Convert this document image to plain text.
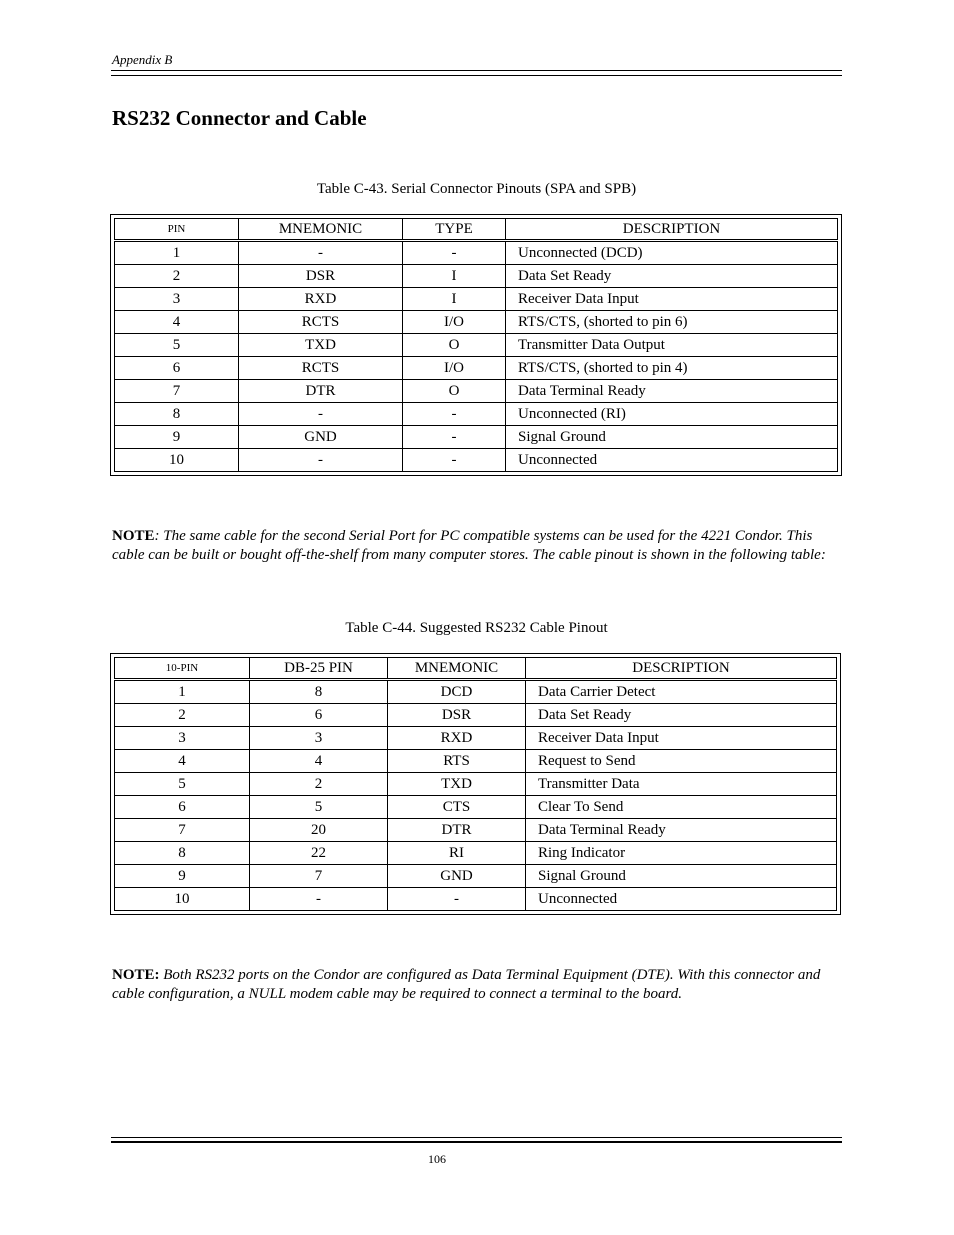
Appendix B
RS232 Connector and Cable
Table C-43. Serial Connector Pinouts (SPA and SPB)
PIN	MNEMONIC	TYPE	DESCRIPTION
1	-	-	Unconnected (DCD)
2	DSR	I	Data Set Ready
3	RXD	I	Receiver Data Input
4	RCTS	I/O	RTS/CTS, (shorted to pin 6)
5	TXD	O	Transmitter Data Output
6	RCTS	I/O	RTS/CTS, (shorted to pin 4)
7	DTR	O	Data Terminal Ready
8	-	-	Unconnected (RI)
9	GND	-	Signal Ground
10	-	-	Unconnected
NOTE: The same cable for the second Serial Port for PC compatible systems can be used for the 4221 Condor. This cable can be built or bought off-the-shelf from many computer stores. The cable pinout is shown in the following table:
Table C-44. Suggested RS232 Cable Pinout
10-PIN	DB-25 PIN	MNEMONIC	DESCRIPTION
1	8	DCD	Data Carrier Detect
2	6	DSR	Data Set Ready
3	3	RXD	Receiver Data Input
4	4	RTS	Request to Send
5	2	TXD	Transmitter Data
6	5	CTS	Clear To Send
7	20	DTR	Data Terminal Ready
8	22	RI	Ring Indicator
9	7	GND	Signal Ground
10	-	-	Unconnected
NOTE: Both RS232 ports on the Condor are configured as Data Terminal Equipment (DTE). With this connector and cable configuration, a NULL modem cable may be required to connect a terminal to the board.
106
